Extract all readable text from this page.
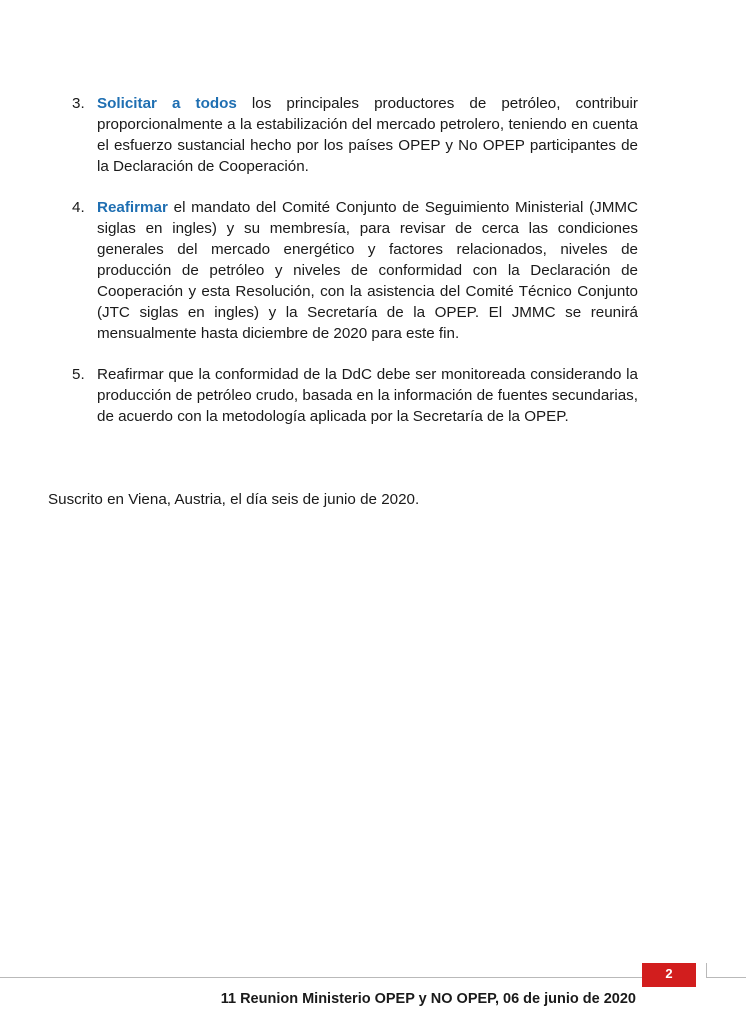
3. Solicitar a todos los principales productores de petróleo, contribuir proporcionalmente a la estabilización del mercado petrolero, teniendo en cuenta el esfuerzo sustancial hecho por los países OPEP y No OPEP participantes de la Declaración de Cooperación.
4. Reafirmar el mandato del Comité Conjunto de Seguimiento Ministerial (JMMC siglas en ingles) y su membresía, para revisar de cerca las condiciones generales del mercado energético y factores relacionados, niveles de producción de petróleo y niveles de conformidad con la Declaración de Cooperación y esta Resolución, con la asistencia del Comité Técnico Conjunto (JTC siglas en ingles) y la Secretaría de la OPEP. El JMMC se reunirá mensualmente hasta diciembre de 2020 para este fin.
5. Reafirmar que la conformidad de la DdC debe ser monitoreada considerando la producción de petróleo crudo, basada en la información de fuentes secundarias, de acuerdo con la metodología aplicada por la Secretaría de la OPEP.
Suscrito en Viena, Austria, el día seis de junio de 2020.
2
11 Reunion Ministerio OPEP y NO OPEP, 06 de junio de 2020
